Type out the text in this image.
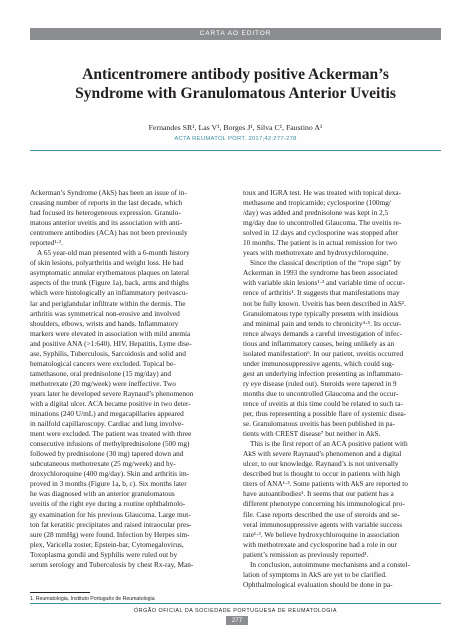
CARTA AO EDITOR
Anticentromere antibody positive Ackerman’s
Syndrome with Granulomatous Anterior Uveitis
Fernandes SR¹, Las V¹, Borges J¹, Silva C¹, Faustino A¹
ACTA REUMATOL PORT. 2017;42:277-278
Ackerman’s Syndrome (AkS) has been an issue of in-
creasing number of reports in the last decade, which
had focused its heterogeneous expression. Granulo-
matous anterior uveitis and its association with anti-
centromere antibodies (ACA) has not been previously
reported¹·².
A 65 year-old man presented with a 6-month history
of skin lesions, polyarthritis and weight loss. He had
asymptomatic annular erythematous plaques on lateral
aspects of the trunk (Figure 1a), back, arms and thighs
which were histologically an inflammatory perivascu-
lar and periglandular infiltrate within the dermis. The
arthritis was symmetrical non-erosive and involved
shoulders, elbows, wrists and hands. Inflammatory
markers were elevated in association with mild anemia
and positive ANA (>1:640). HIV, Hepatitis, Lyme dise-
ase, Syphilis, Tuberculosis, Sarcoidosis and solid and
hematological cancers were excluded. Topical be-
tamethasone, oral prednisolone (15 mg/day) and
methotrexate (20 mg/week) were ineffective. Two
years later he developed severe Raynaud’s phenomenon
with a digital ulcer. ACA became positive in two deter-
minations (240 U/mL) and megacapillaries appeared
in nailfold capillaroscopy. Cardiac and lung involve-
ment were excluded. The patient was treated with three
consecutive infusions of methylprednisolone (500 mg)
followed by prednisolone (30 mg) tapered down and
subcutaneous methotrexate (25 mg/week) and hy-
droxychloroquine (400 mg/day). Skin and arthritis im-
proved in 3 months (Figure 1a, b, c). Six months later
he was diagnosed with an anterior granulomatous
uveitis of the right eye during a routine ophthalmolo-
gy examination for his previous Glaucoma. Large mut-
ton fat keratitic precipitates and raised intraocular pres-
sure (28 mmHg) were found. Infection by Herpes sim-
plex, Varicella zoster, Epstein-bar, Cytomegalovirus,
Toxoplasma gondii and Syphilis were ruled out by
serum serology and Tuberculosis by chest Rx-ray, Man-
toux and IGRA test. He was treated with topical dexa-
methasone and tropicamide; cyclosporine (100mg/
/day) was added and prednisolone was kept in 2,5
mg/day due to uncontrolled Glaucoma. The uveitis re-
solved in 12 days and cyclosporine was stopped after
10 months. The patient is in actual remission for two
years with methotrexate and hydroxychloroquine.
Since the classical description of the “rope sign” by
Ackerman in 1993 the syndrome has been associated
with variable skin lesions¹·³ and variable time of occur-
rence of arthritis¹. It suggests that manifestations may
not be fully known. Uveitis has been described in AkS².
Granulomatous type typically presents with insidious
and minimal pain and tends to chronicity⁴·⁵. Its occur-
rence always demands a careful investigation of infec-
tious and inflammatory causes, being unlikely as an
isolated manifestation⁶. In our patient, uveitis occurred
under immunosuppressive agents, which could sug-
gest an underlying infection presenting as inflammato-
ry eye disease (ruled out). Steroids were tapered in 9
months due to uncontrolled Glaucoma and the occur-
rence of uveitis at this time could be related to such ta-
per, thus representing a possible flare of systemic disea-
se. Granulomatous uveitis has been published in pa-
tients with CREST disease⁷ but neither in AkS.
This is the first report of an ACA positive patient with
AkS with severe Raynaud’s phenomenon and a digital
ulcer, to our knowledge. Raynaud’s is not universally
described but is thought to occur in patients with high
titers of ANA¹·³. Some patients with AkS are reported to
have autoantibodies¹. It seems that our patient has a
different phenotype concerning his immunological pro-
file. Case reports described the use of steroids and se-
veral immunosuppressive agents with variable success
rate¹·³. We believe hydroxychloroquine in association
with methotrexate and cyclosporine had a role in our
patient’s remission as previously reported¹.
In conclusion, autoimmune mechanisms and a constel-
lation of symptoms in AkS are yet to be clarified.
Ophthalmological evaluation should be done in pa-
1. Reumatologia, Instituto Português de Reumatologia
ÓRGÃO OFICIAL DA SOCIEDADE PORTUGUESA DE REUMATOLOGIA
277
